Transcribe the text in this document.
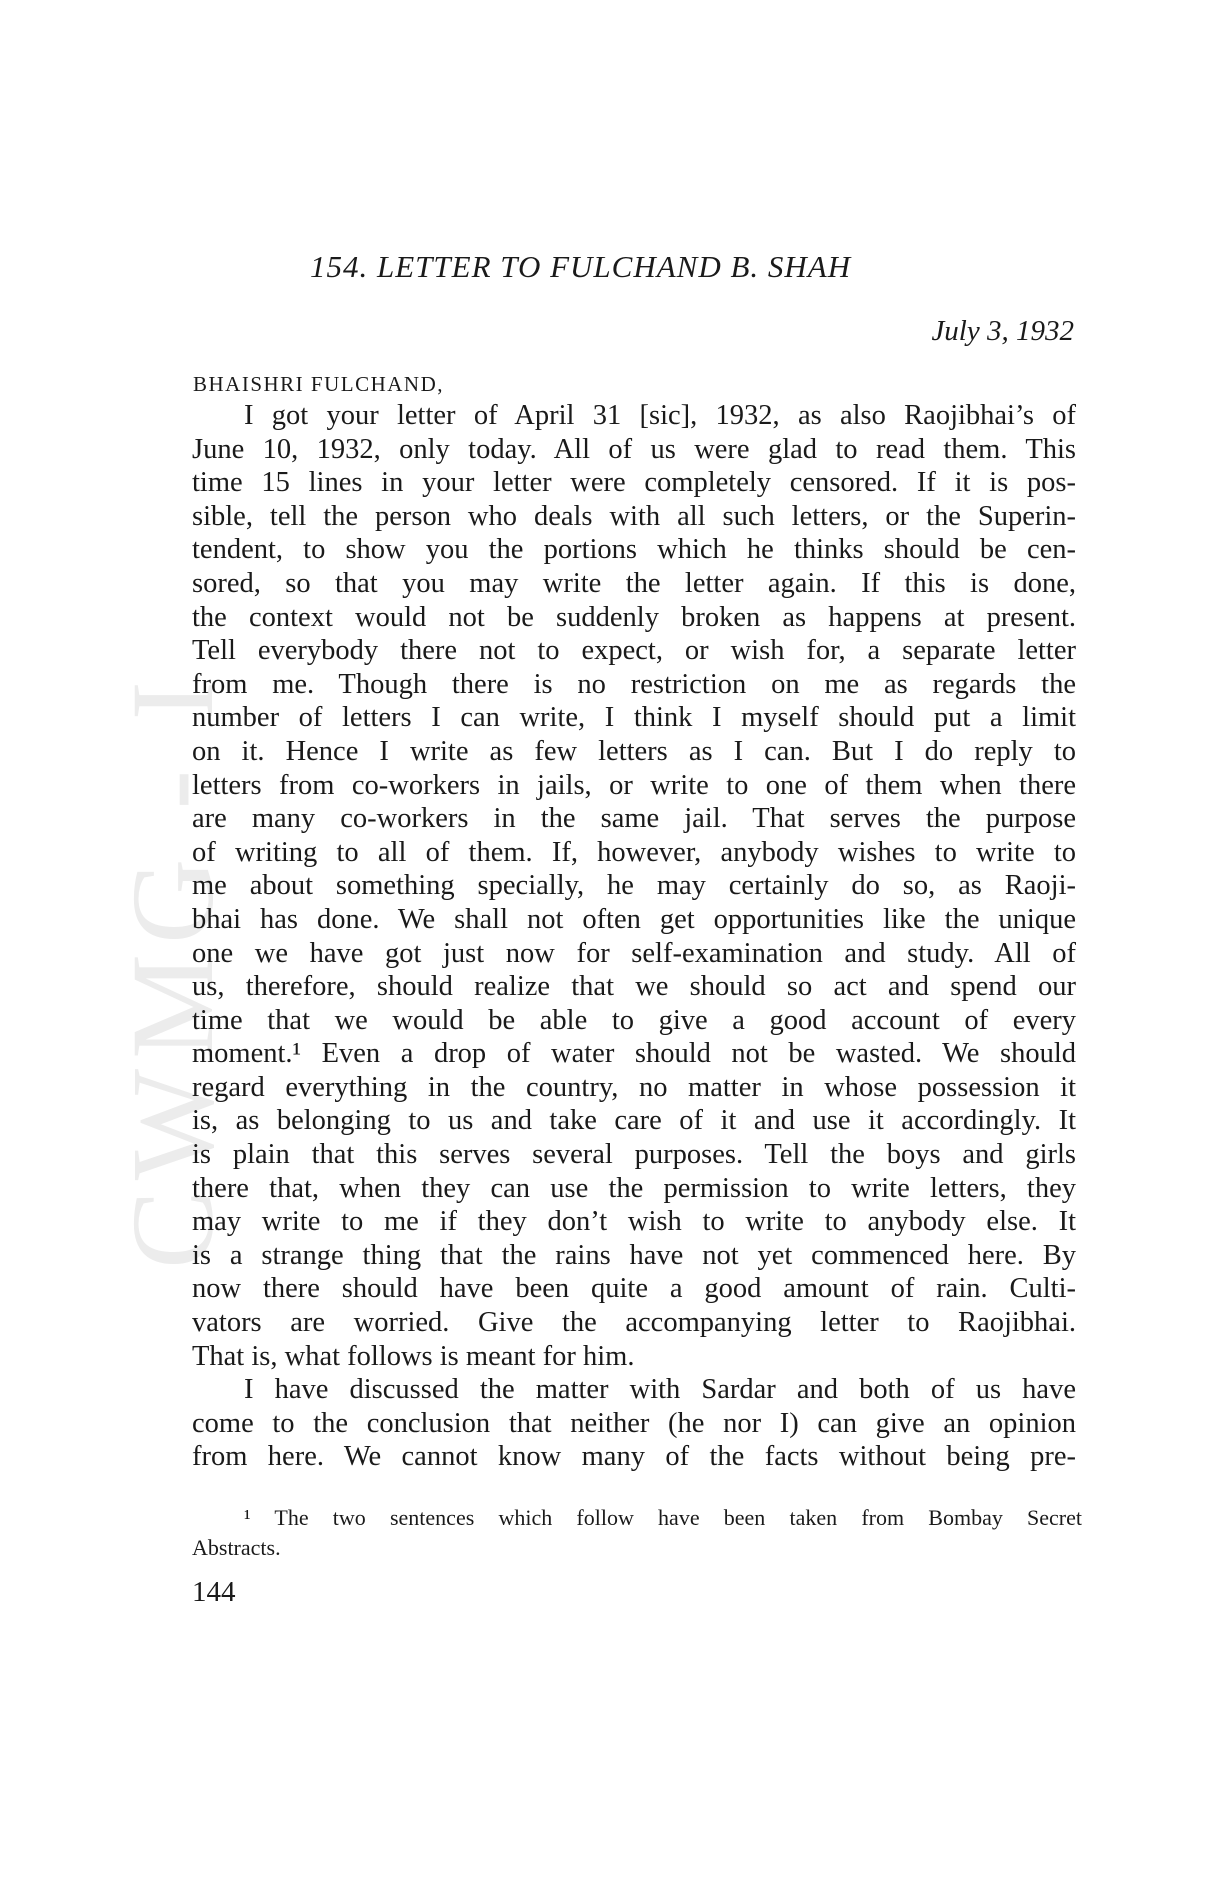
CWMG - I
154. LETTER TO FULCHAND B. SHAH
July 3, 1932
BHAISHRI FULCHAND,
I got your letter of April 31 [sic], 1932, as also Raojibhai’s of
June 10, 1932, only today. All of us were glad to read them. This
time 15 lines in your letter were completely censored. If it is pos-
sible, tell the person who deals with all such letters, or the Superin-
tendent, to show you the portions which he thinks should be cen-
sored, so that you may write the letter again. If this is done,
the context would not be suddenly broken as happens at present.
Tell everybody there not to expect, or wish for, a separate letter
from me. Though there is no restriction on me as regards the
number of letters I can write, I think I myself should put a limit
on it. Hence I write as few letters as I can. But I do reply to
letters from co-workers in jails, or write to one of them when there
are many co-workers in the same jail. That serves the purpose
of writing to all of them. If, however, anybody wishes to write to
me about something specially, he may certainly do so, as Raoji-
bhai has done. We shall not often get opportunities like the unique
one we have got just now for self-examination and study. All of
us, therefore, should realize that we should so act and spend our
time that we would be able to give a good account of every
moment.¹ Even a drop of water should not be wasted. We should
regard everything in the country, no matter in whose possession it
is, as belonging to us and take care of it and use it accordingly. It
is plain that this serves several purposes. Tell the boys and girls
there that, when they can use the permission to write letters, they
may write to me if they don’t wish to write to anybody else. It
is a strange thing that the rains have not yet commenced here. By
now there should have been quite a good amount of rain. Culti-
vators are worried. Give the accompanying letter to Raojibhai.
That is, what follows is meant for him.
I have discussed the matter with Sardar and both of us have
come to the conclusion that neither (he nor I) can give an opinion
from here. We cannot know many of the facts without being pre-
¹ The two sentences which follow have been taken from Bombay Secret
Abstracts.
144
